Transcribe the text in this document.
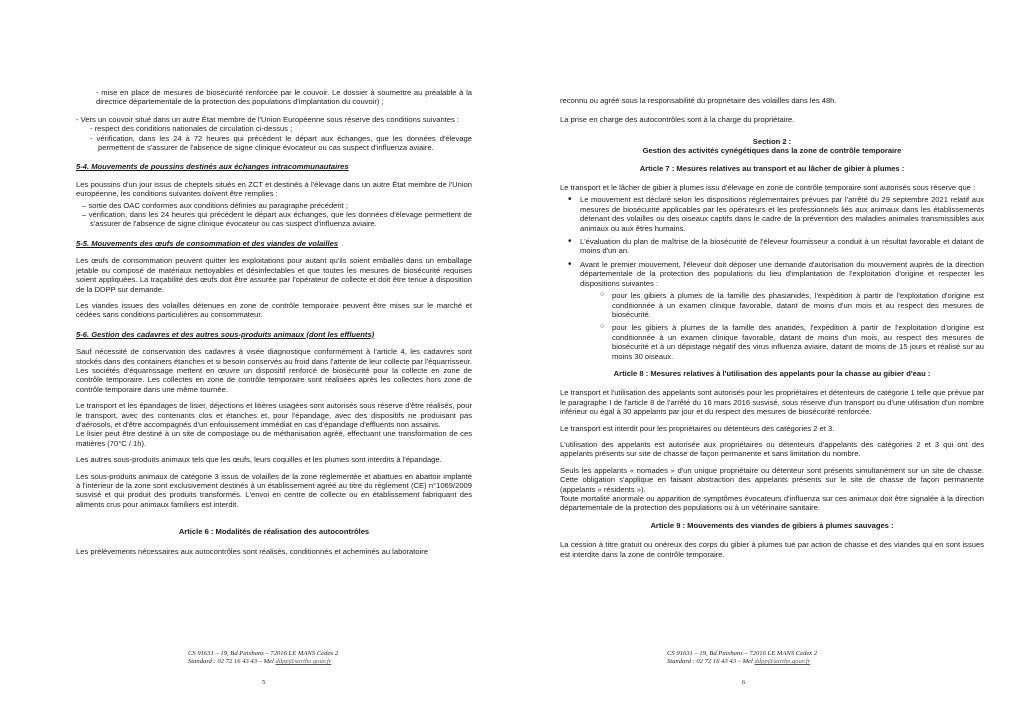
- mise en place de mesures de biosécurité renforcée par le couvoir. Le dossier à soumettre au préalable à la directrice départementale de la protection des populations d'implantation du couvoir) ;
- Vers un couvoir situé dans un autre État membre de l'Union Européenne sous réserve des conditions suivantes :
- respect des conditions nationales de circulation ci-dessus ;
- vérification, dans les 24 à 72 heures qui précèdent le départ aux échanges, que les données d'élevage permettent de s'assurer de l'absence de signe clinique évocateur ou cas suspect d'influenza aviaire.
5-4. Mouvements de poussins destinés aux échanges intracommunautaires

Les poussins d'un jour issus de cheptels situés en ZCT et destinés à l'élevage dans un autre État membre de l'Union européenne, les conditions suivantes doivent être remplies :

– sortie des OAC conformes aux conditions définies au paragraphe précédent ;
– vérification, dans les 24 heures qui précèdent le départ aux échanges, que les données d'élevage permettent de s'assurer de l'absence de signe clinique évocateur ou cas suspect d'influenza aviaire.
5-5. Mouvements des œufs de consommation et des viandes de volailles

Les œufs de consommation peuvent quitter les exploitations pour autant qu'ils soient emballés dans un emballage jetable ou composé de matériaux nettoyables et désinfectables et que toutes les mesures de biosécurité requises soient appliquées. La traçabilité des œufs doit être assurée par l'opérateur de collecte et doit être tenue à disposition de la DDPP sur demande.

Les viandes issues des volailles détenues en zone de contrôle temporaire peuvent être mises sur le marché et cédées sans conditions particulières au consommateur.

5-6. Gestion des cadavres et des autres sous-produits animaux (dont les effluents)

Sauf nécessité de conservation des cadavres à visée diagnostique conformément à l'article 4, les cadavres sont stockés dans des containers étanches et si besoin conservés au froid dans l'attente de leur collecte par l'équarrisseur. Les sociétés d'équarrissage mettent en œuvre un dispositif renforcé de biosécurité pour la collecte en zone de contrôle temporaire. Les collectes en zone de contrôle temporaire sont réalisées après les collectes hors zone de contrôle temporaire dans une même tournée.

Le transport et les épandages de lisier, déjections et litières usagées sont autorisés sous réserve d'être réalisés, pour le transport, avec des contenants clos et étanches et, pour l'épandage, avec des dispositifs ne produisant pas d'aérosols, et d'être accompagnés d'un enfouissement immédiat en cas d'épandage d'effluents non assainis.

Le lisier peut être destiné à un site de compostage ou de méthanisation agréé, effectuant une transformation de ces matières (70°C / 1h).

Les autres sous-produits animaux tels que les œufs, leurs coquilles et les plumes sont interdits à l'épandage.

Les sous-produits animaux de catégorie 3 issus de volailles de la zone réglementée et abattues en abattoir implanté à l'intérieur de la zone sont exclusivement destinés à un établissement agréé au titre du règlement (CE) n°1069/2009 susvisé et qui produit des produits transformés. L'envoi en centre de collecte ou en établissement fabriquant des aliments crus pour animaux familiers est interdit.

Article 6 : Modalités de réalisation des autocontrôles

Les prélèvements nécessaires aux autocontrôles sont réalisés, conditionnés et acheminés au laboratoire

CS 91631 – 19, Bd Paixhans – 72016 LE MANS Cedex 2
Standard : 02 72 16 43 43 – Mel ddpp@sarthe.gouv.fr
5

reconnu ou agréé sous la responsabilité du propriétaire des volailles dans les 48h.

La prise en charge des autocontrôles sont à la charge du propriétaire.

Section 2 :
Gestion des activités cynégétiques dans la zone de contrôle temporaire
Article 7 : Mesures relatives au transport et au lâcher de gibier à plumes :

Le transport et le lâcher de gibier à plumes issu d'élevage en zone de contrôle temporaire sont autorisés sous réserve que :

• Le mouvement est déclaré selon les dispositions réglementaires prévues par l'arrêté du 29 septembre 2021 relatif aux mesures de biosécurité applicables par les opérateurs et les professionnels liés aux animaux dans les établissements détenant des volailles ou des oiseaux captifs dans le cadre de la prévention des maladies animales transmissibles aux animaux ou aux êtres humains.
• L'évaluation du plan de maîtrise de la biosécurité de l'éleveur fournisseur a conduit à un résultat favorable et datant de moins d'un an.
• Avant le premier mouvement, l'éleveur doit déposer une demande d'autorisation du mouvement auprès de la direction départementale de la protection des populations du lieu d'implantation de l'exploitation d'origine et respecter les dispositions suivantes :
○ pour les gibiers à plumes de la famille des phasianidés, l'expédition à partir de l'exploitation d'origine est conditionnée à un examen clinique favorable, datant de moins d'un mois et au respect des mesures de biosécurité.
○ pour les gibiers à plumes de la famille des anatidés, l'expédition à partir de l'exploitation d'origine est conditionnée à un examen clinique favorable, datant de moins d'un mois, au respect des mesures de biosécurité et à un dépistage négatif des virus influenza aviaire, datant de moins de 15 jours et réalisé sur au moins 30 oiseaux.
Article 8 : Mesures relatives à l'utilisation des appelants pour la chasse au gibier d'eau :

Le transport et l'utilisation des appelants sont autorisés pour les propriétaires et détenteurs de catégorie 1 telle que prévue par le paragraphe I de l'article 8 de l'arrêté du 16 mars 2016 susvisé, sous réserve d'un transport ou d'une utilisation d'un nombre inférieur ou égal à 30 appelants par jour et du respect des mesures de biosécurité renforcée.

Le transport est interdit pour les propriétaires ou détenteurs des catégories 2 et 3.

L'utilisation des appelants est autorisée aux propriétaires ou détenteurs d'appelants des catégories 2 et 3 qui ont des appelants présents sur site de chasse de façon permanente et sans limitation du nombre.

Seuls les appelants « nomades » d'un unique propriétaire ou détenteur sont présents simultanément sur un site de chasse. Cette obligation s'applique en faisant abstraction des appelants présents sur le site de chasse de façon permanente (appelants « résidents »).

Toute mortalité anormale ou apparition de symptômes évocateurs d'influenza sur ces animaux doit être signalée à la direction départementale de la protection des populations ou à un vétérinaire sanitaire.

Article 9 : Mouvements des viandes de gibiers à plumes sauvages :

La cession à titre gratuit ou onéreux des corps du gibier à plumes tué par action de chasse et des viandes qui en sont issues est interdite dans la zone de contrôle temporaire.

CS 91631 – 19, Bd Paixhans – 72016 LE MANS Cedex 2
Standard : 02 72 16 43 43 – Mel ddpp@sarthe.gouv.fr
6
